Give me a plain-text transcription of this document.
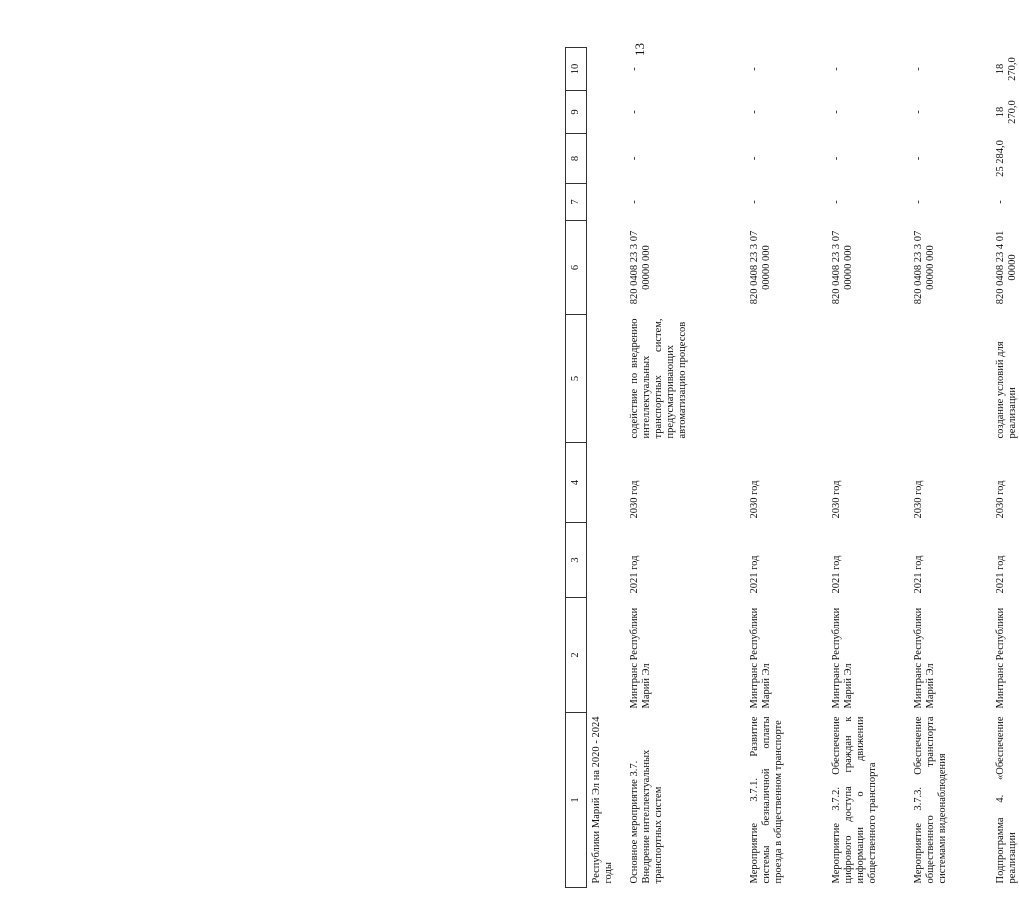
13
1	2	3	4	5	6	7	8	9	10
Республики Марий Эл на 2020 - 2024 годы									
Основное мероприятие 3.7. Внедрение интеллектуальных транспортных систем	Минтранс Республики Марий Эл	2021 год	2030 год	содействие по внедрению интеллектуальных транспортных систем, предусматривающих автоматизацию процессов	820 0408 23 3 07 00000 000	-	-	-	-
Мероприятие 3.7.1. Развитие системы безналичной оплаты проезда в общественном транспорте	Минтранс Республики Марий Эл	2021 год	2030 год		820 0408 23 3 07 00000 000	-	-	-	-
Мероприятие 3.7.2. Обеспечение цифрового доступа граждан к информации о движении общественного транспорта	Минтранс Республики Марий Эл	2021 год	2030 год		820 0408 23 3 07 00000 000	-	-	-	-
Мероприятие 3.7.3. Обеспечение общественного транспорта системами видеонаблюдения	Минтранс Республики Марий Эл	2021 год	2030 год		820 0408 23 3 07 00000 000	-	-	-	-
Подпрограмма 4. «Обеспечение реализации	Минтранс Республики	2021 год	2030 год	создание условий для реализации	820 0408 23 4 01 00000	-	25 284,0	18 270,0	18 270,0
